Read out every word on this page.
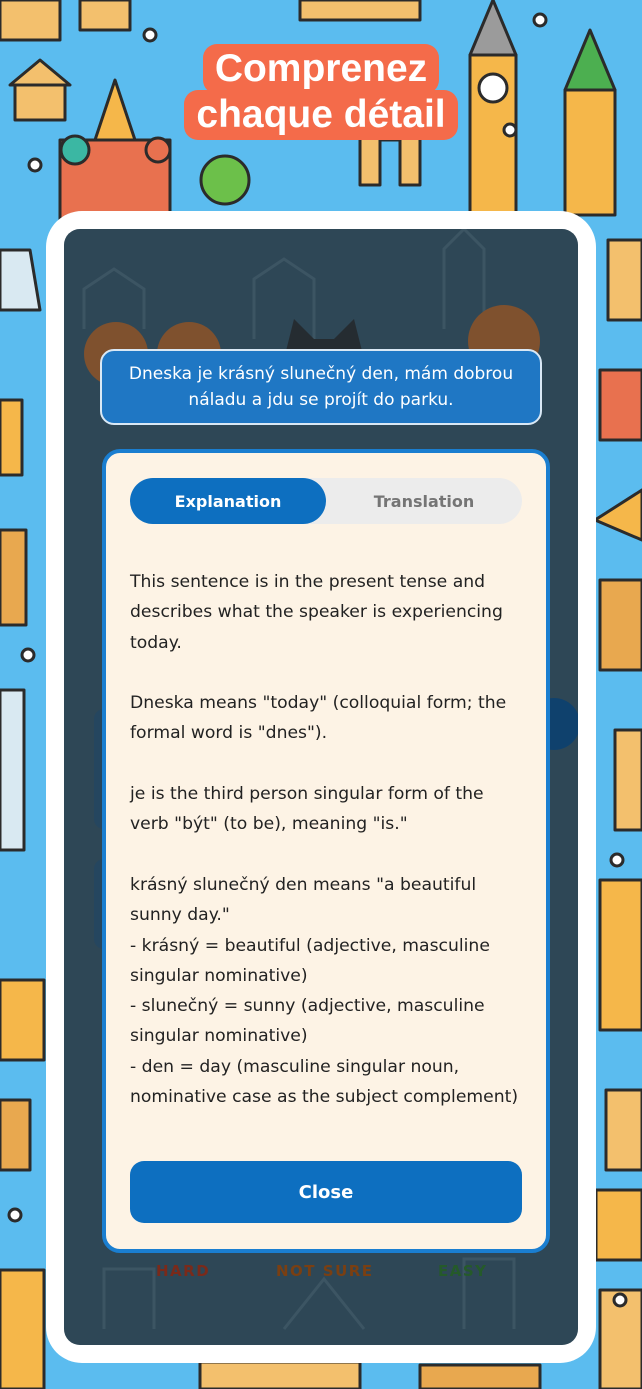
Comprenez
chaque détail
HARD	NOT SURE	EASY
Dneska je krásný slunečný den, mám dobrou náladu a jdu se projít do parku.
Explanation	Translation

This sentence is in the present tense and describes what the speaker is experiencing today.

Dneska means "today" (colloquial form; the formal word is "dnes").

je is the third person singular form of the verb "být" (to be), meaning "is."

krásný slunečný den means "a beautiful sunny day."

- krásný = beautiful (adjective, masculine singular nominative)

- slunečný = sunny (adjective, masculine singular nominative)

- den = day (masculine singular noun, nominative case as the subject complement)

Close
